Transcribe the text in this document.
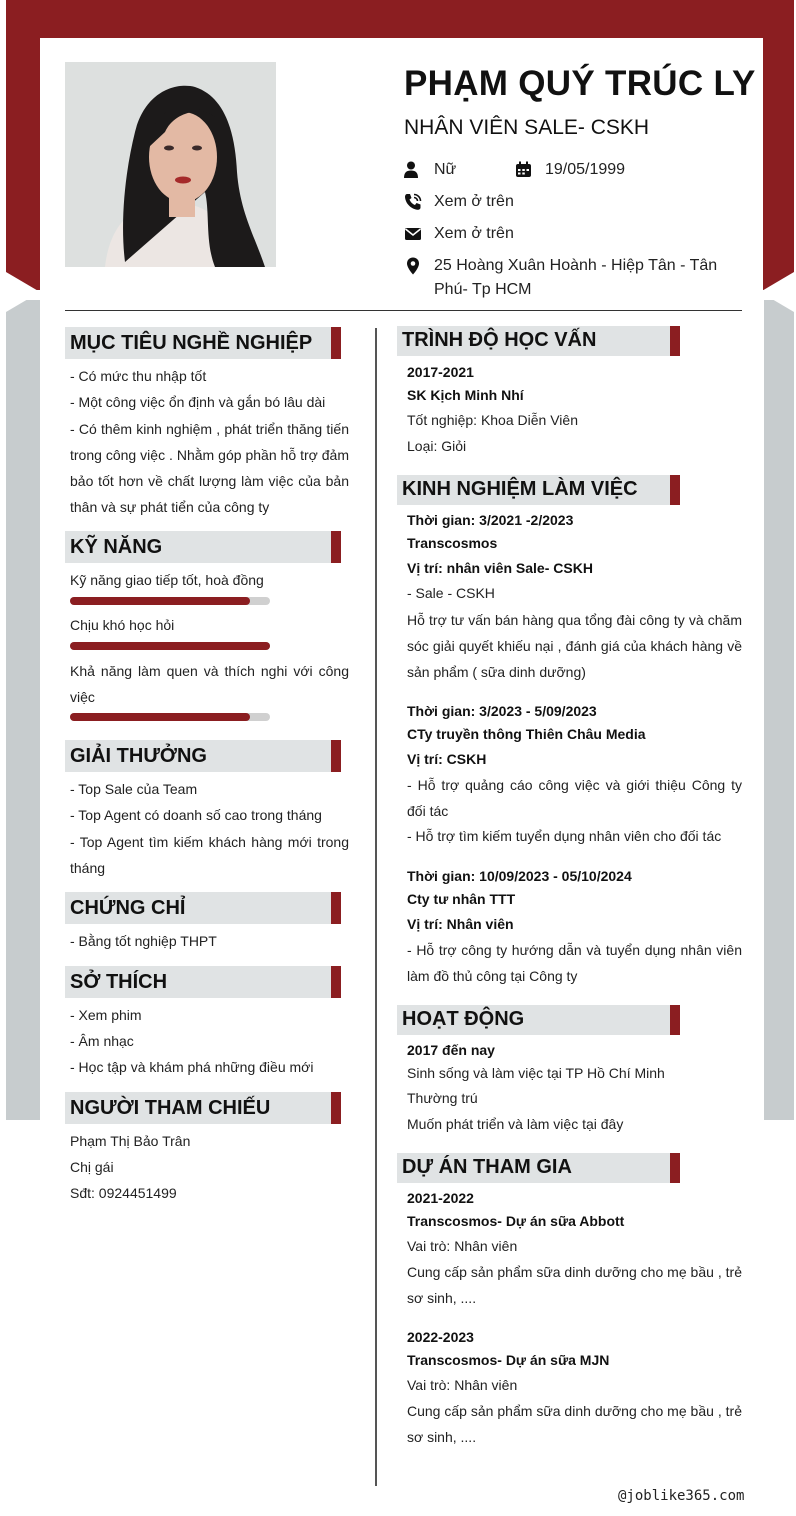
PHẠM QUÝ TRÚC LY
NHÂN VIÊN SALE- CSKH
Nữ	19/05/1999
Xem ở trên
Xem ở trên
25 Hoàng Xuân Hoành - Hiệp Tân - Tân
Phú- Tp HCM
MỤC TIÊU NGHỀ NGHIỆP
- Có mức thu nhập tốt
- Một công việc ổn định và gắn bó lâu dài
- Có thêm kinh nghiệm , phát triển thăng tiến trong công việc . Nhằm góp phần hỗ trợ đảm bảo tốt hơn về chất lượng làm việc của bản thân và sự phát tiển của công ty
KỸ NĂNG
Kỹ năng giao tiếp tốt, hoà đồng
Chịu khó học hỏi
Khả năng làm quen và thích nghi với công việc
GIẢI THƯỞNG
- Top Sale của Team
- Top Agent có doanh số cao trong tháng
- Top Agent tìm kiếm khách hàng mới trong tháng
CHỨNG CHỈ
- Bằng tốt nghiệp THPT
SỞ THÍCH
- Xem phim
- Âm nhạc
- Học tập và khám phá những điều mới
NGƯỜI THAM CHIẾU
Phạm Thị Bảo Trân
Chị gái
Sđt: 0924451499
TRÌNH ĐỘ HỌC VẤN
2017-2021
SK Kịch Minh Nhí
Tốt nghiệp: Khoa Diễn Viên
Loại: Giỏi
KINH NGHIỆM LÀM VIỆC
Thời gian: 3/2021 -2/2023
Transcosmos
Vị trí: nhân viên Sale- CSKH
- Sale - CSKH
Hỗ trợ tư vấn bán hàng qua tổng đài công ty và chăm sóc giải quyết khiếu nại , đánh giá của khách hàng về sản phẩm ( sữa dinh dưỡng)
Thời gian: 3/2023 - 5/09/2023
CTy truyền thông Thiên Châu Media
Vị trí: CSKH
- Hỗ trợ quảng cáo công việc và giới thiệu Công ty đối tác
- Hỗ trợ tìm kiếm tuyển dụng nhân viên cho đối tác
Thời gian: 10/09/2023 - 05/10/2024
Cty tư nhân TTT
Vị trí: Nhân viên
- Hỗ trợ công ty hướng dẫn và tuyển dụng nhân viên làm đồ thủ công tại Công ty
HOẠT ĐỘNG
2017 đến nay
Sinh sống và làm việc tại TP Hồ Chí Minh
Thường trú
Muốn phát triển và làm việc tại đây
DỰ ÁN THAM GIA
2021-2022
Transcosmos- Dự án sữa Abbott
Vai trò: Nhân viên
Cung cấp sản phẩm sữa dinh dưỡng cho mẹ bầu , trẻ sơ sinh, ....
2022-2023
Transcosmos- Dự án sữa MJN
Vai trò: Nhân viên
Cung cấp sản phẩm sữa dinh dưỡng cho mẹ bầu , trẻ sơ sinh, ....
@joblike365.com
